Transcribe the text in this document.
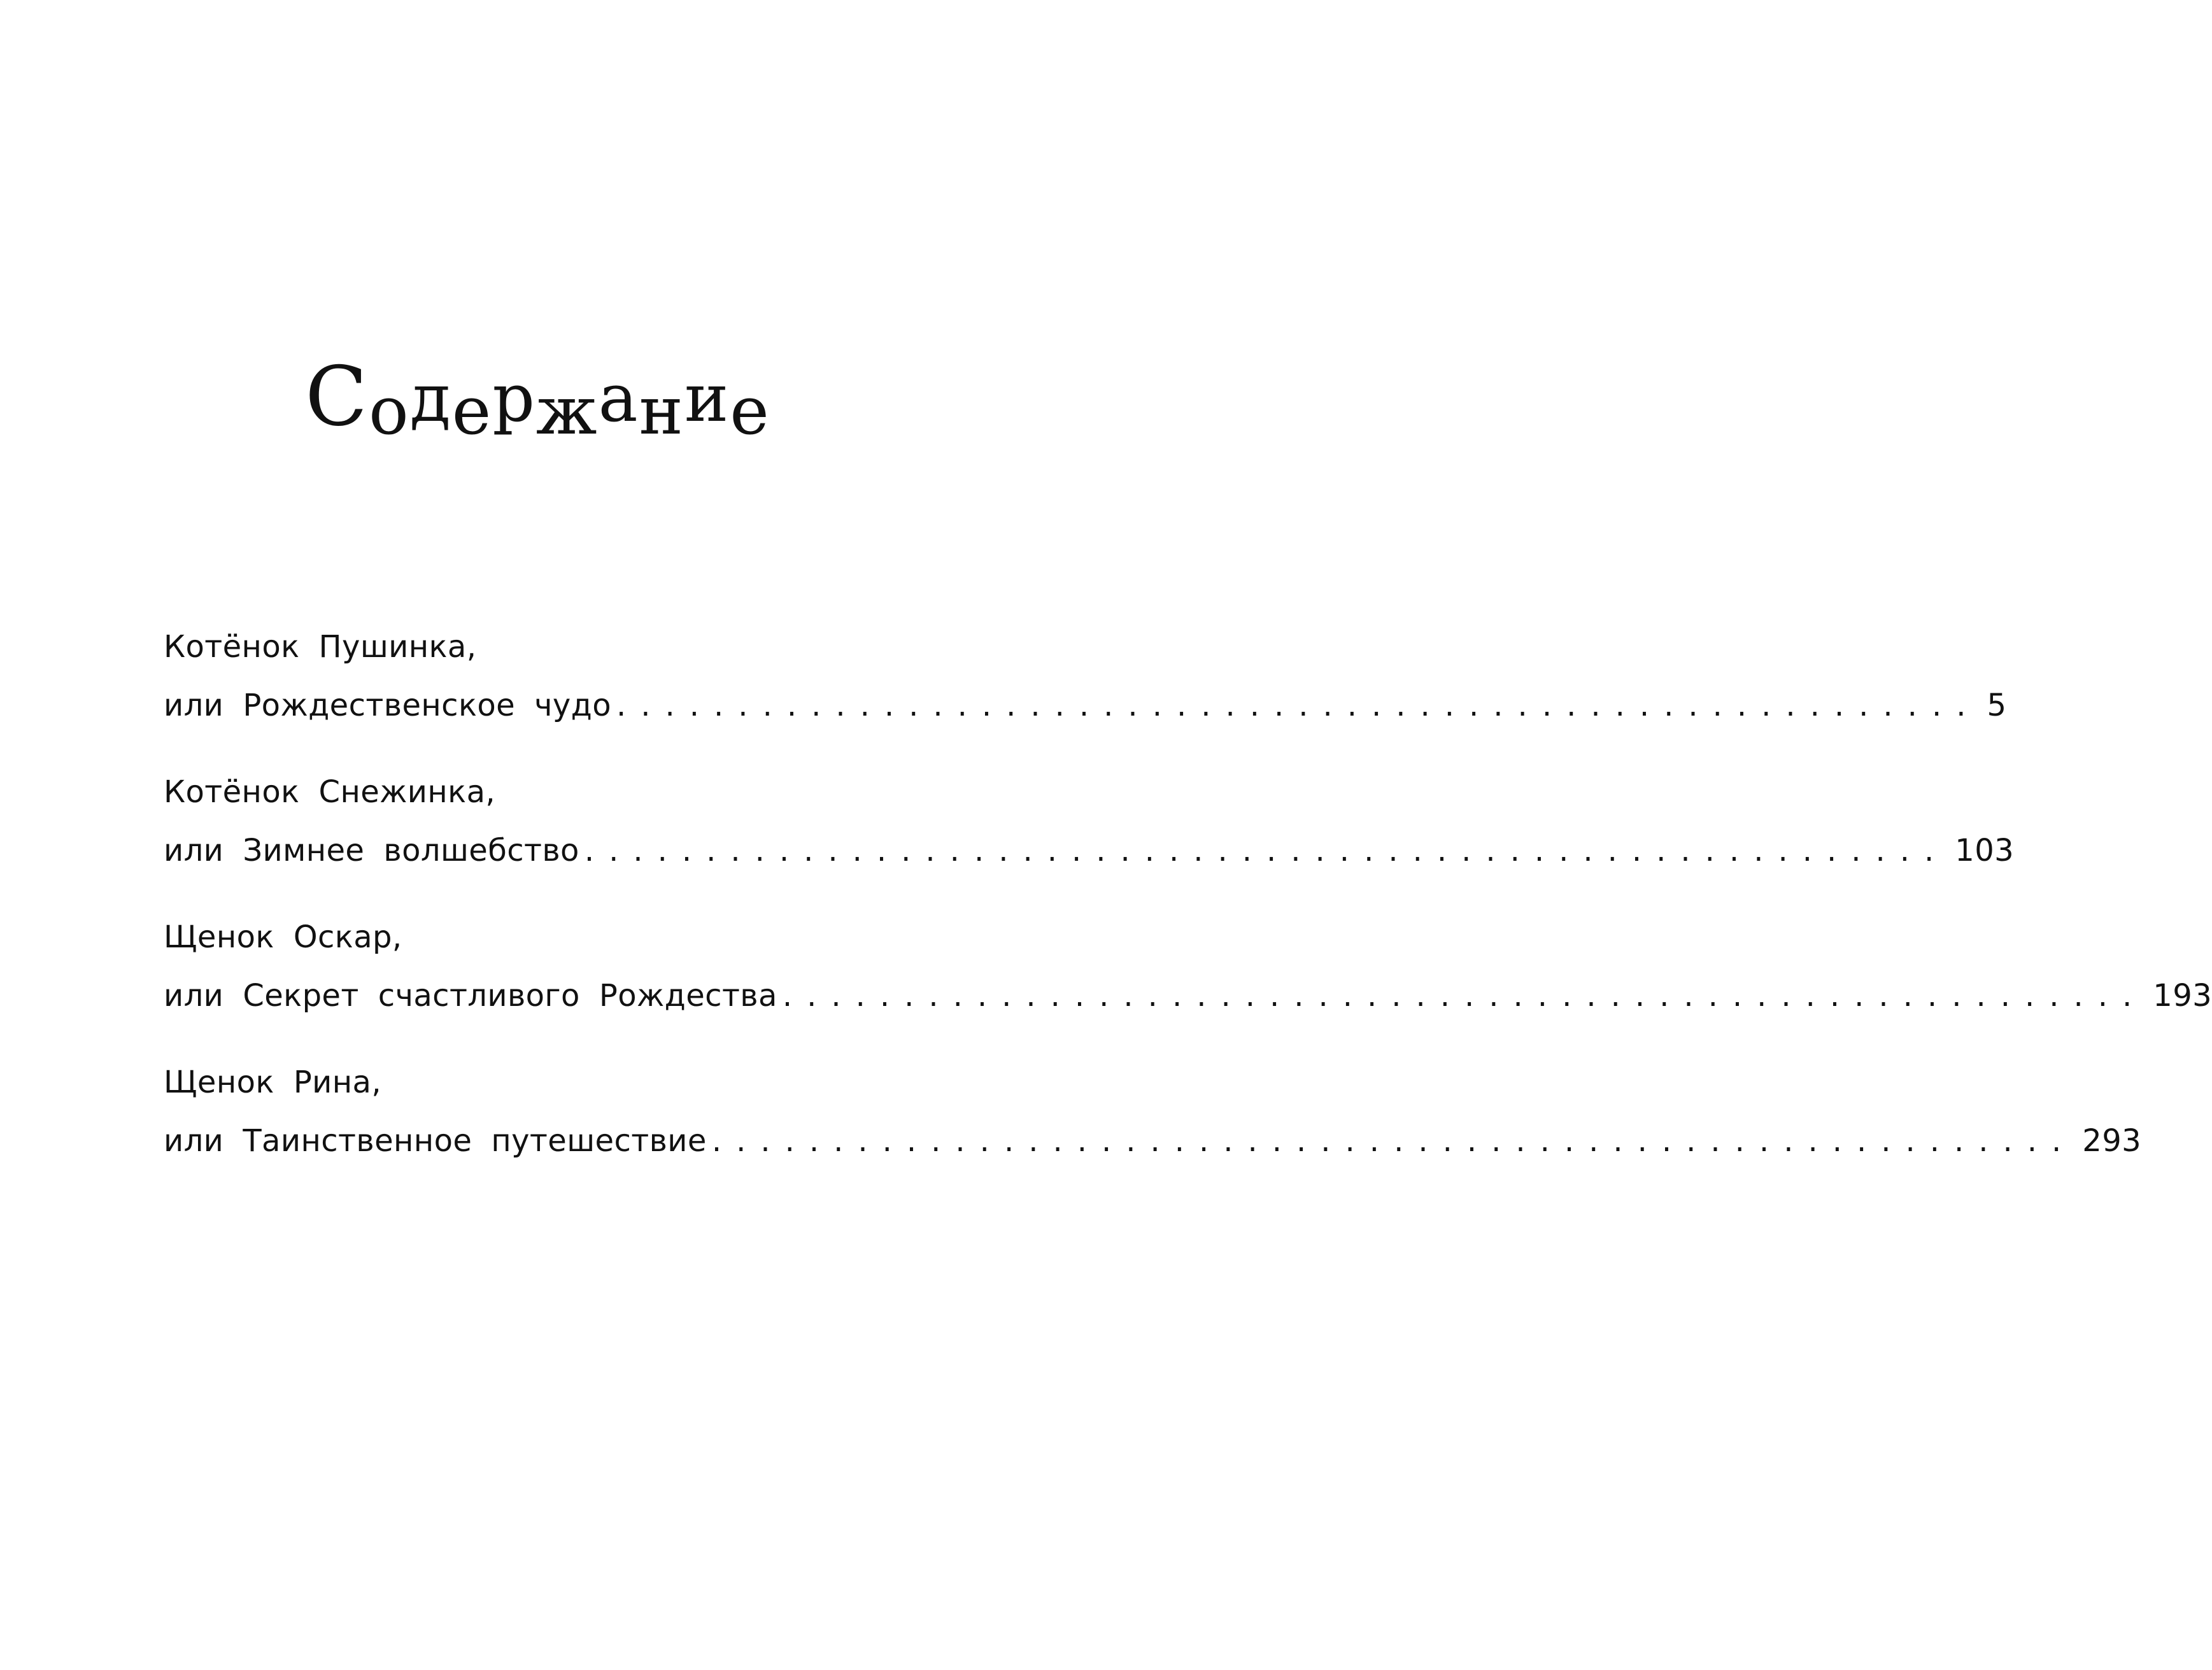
Содержание
Котёнок Пушинка,
или Рождественское чудо ........................................................ 5
Котёнок Снежинка,
или Зимнее волшебство ........................................................ 103
Щенок Оскар,
или Секрет счастливого Рождества ........................................................ 193
Щенок Рина,
или Таинственное путешествие ........................................................ 293
